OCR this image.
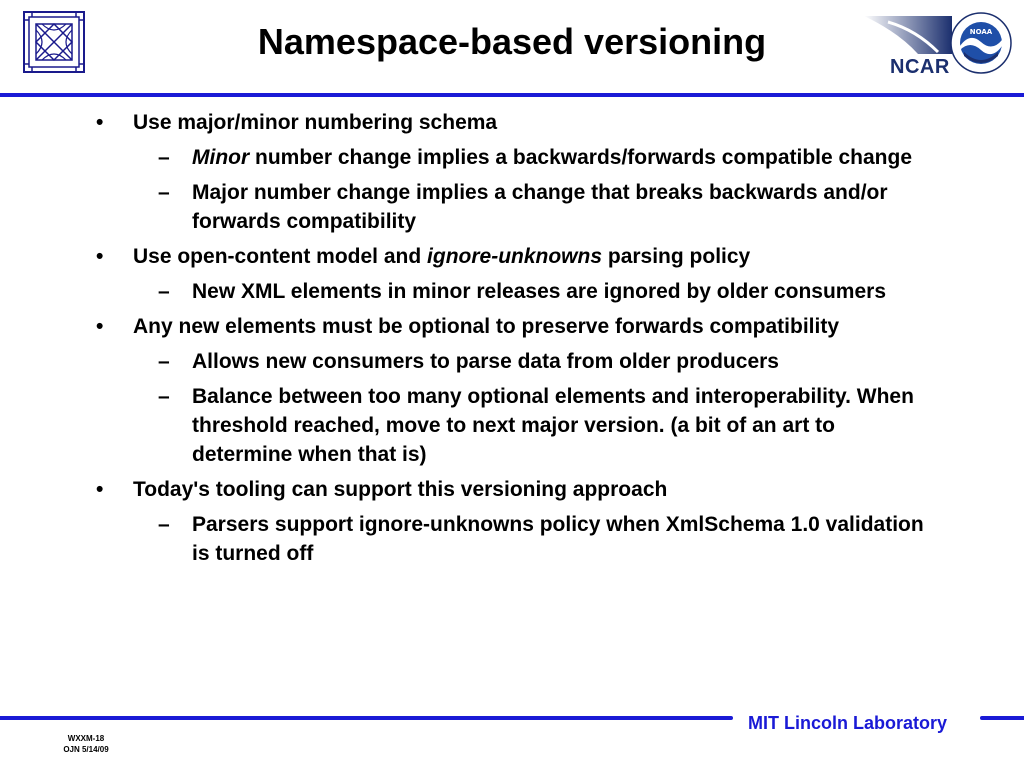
Namespace-based versioning
NCAR
NOAA
• Use major/minor numbering schema
– Minor number change implies a backwards/forwards compatible change
– Major number change implies a change that breaks backwards and/or forwards compatibility
• Use open-content model and ignore-unknowns parsing policy
– New XML elements in minor releases are ignored by older consumers
• Any new elements must be optional to preserve forwards compatibility
– Allows new consumers to parse data from older producers
– Balance between too many optional elements and interoperability. When threshold reached, move to next major version. (a bit of an art to determine when that is)
• Today's tooling can support this versioning approach
– Parsers support ignore-unknowns policy when XmlSchema 1.0 validation is turned off
MIT Lincoln Laboratory
WXXM-18
OJN 5/14/09
